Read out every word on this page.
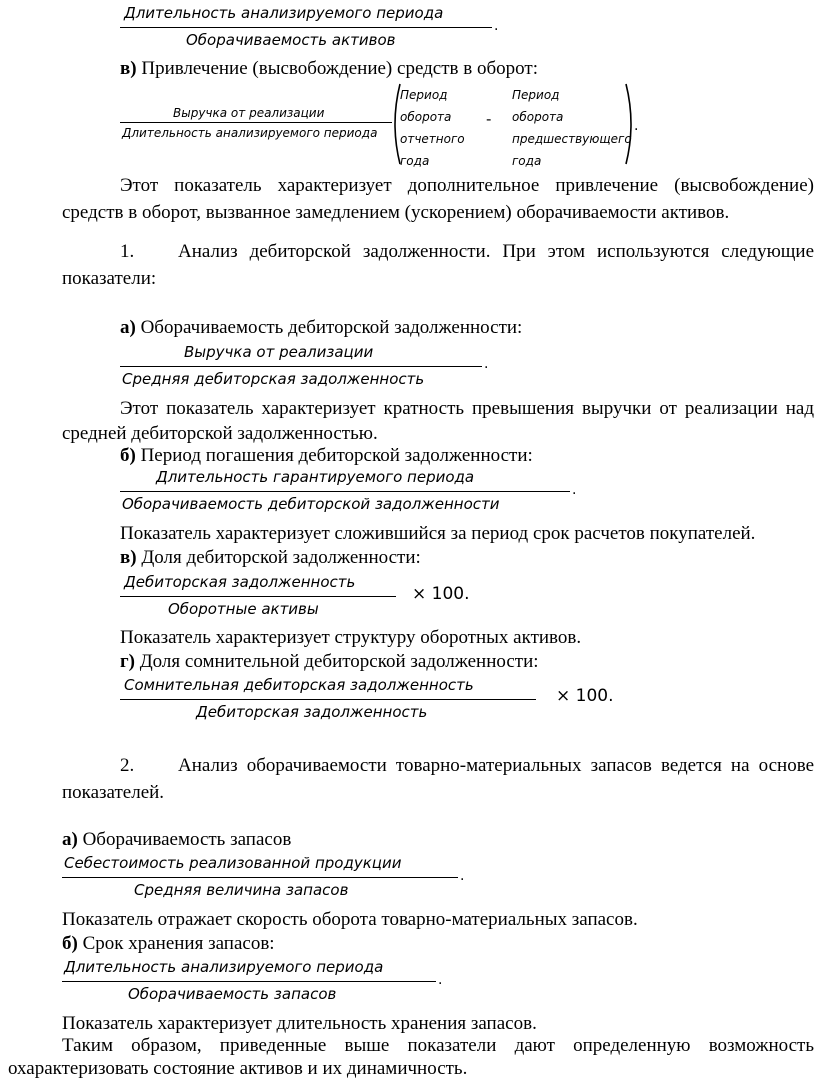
Длительность анализируемого периода
.
Оборачиваемость активов
в) Привлечение (высвобождение) средств в оборот:
Выручка от реализации
Длительность анализируемого периода
Период
оборота
отчетного
года
-
Период
оборота
предшествующего
года
.
Этот показатель характеризует дополнительное привлечение (высвобождение) средств в оборот, вызванное замедлением (ускорением) оборачиваемости активов.
1. Анализ дебиторской задолженности. При этом используются следующие показатели:
а) Оборачиваемость дебиторской задолженности:
Выручка от реализации
.
Средняя дебиторская задолженность
Этот показатель характеризует кратность превышения выручки от реализации над средней дебиторской задолженностью.
б) Период погашения дебиторской задолженности:
Длительность гарантируемого периода
.
Оборачиваемость дебиторской задолженности
Показатель характеризует сложившийся за период срок расчетов покупателей.
в) Доля дебиторской задолженности:
Дебиторская задолженность
Оборотные активы
× 100.
Показатель характеризует структуру оборотных активов.
г) Доля сомнительной дебиторской задолженности:
Сомнительная дебиторская задолженность
Дебиторская задолженность
× 100.
2. Анализ оборачиваемости товарно-материальных запасов ведется на основе показателей.
а) Оборачиваемость запасов
Себестоимость реализованной продукции
.
Средняя величина запасов
Показатель отражает скорость оборота товарно-материальных запасов.
б) Срок хранения запасов:
Длительность анализируемого периода
.
Оборачиваемость запасов
Показатель характеризует длительность хранения запасов.
Таким образом, приведенные выше показатели дают определенную возможность охарактеризовать состояние активов и их динамичность.
